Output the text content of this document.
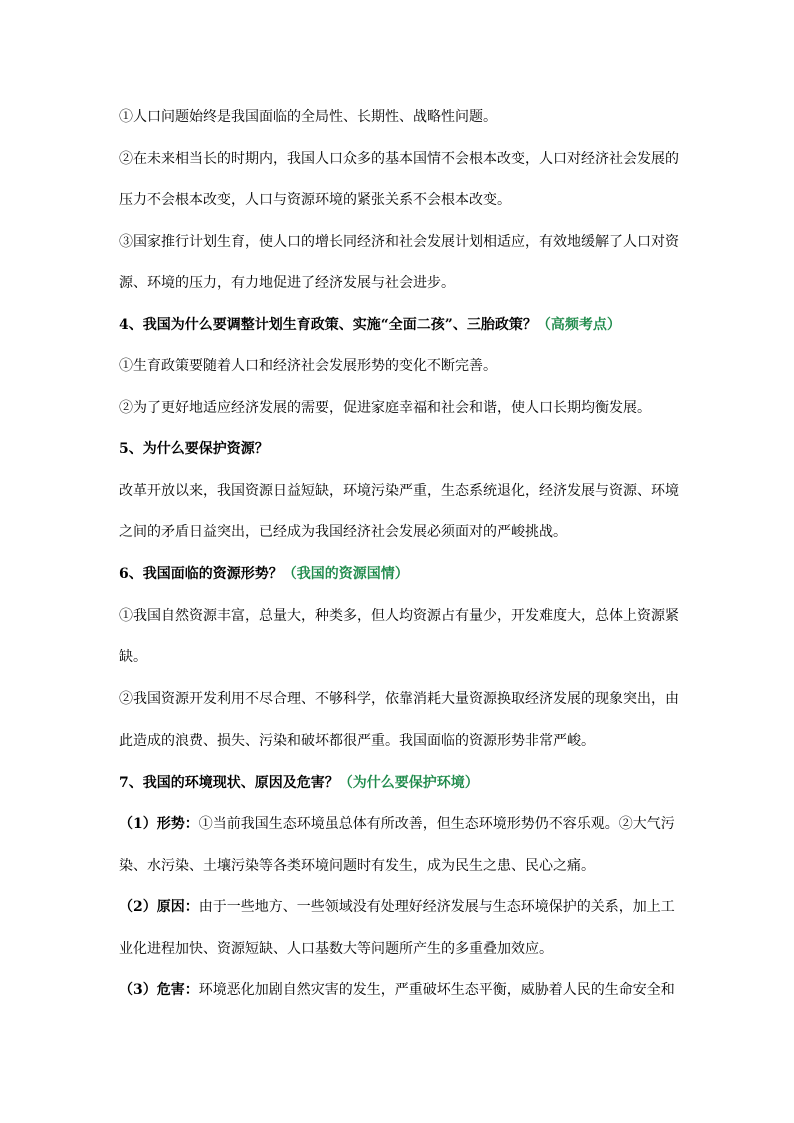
①人口问题始终是我国面临的全局性、长期性、战略性问题。
②在未来相当长的时期内，我国人口众多的基本国情不会根本改变，人口对经济社会发展的
压力不会根本改变，人口与资源环境的紧张关系不会根本改变。
③国家推行计划生育，使人口的增长同经济和社会发展计划相适应，有效地缓解了人口对资
源、环境的压力，有力地促进了经济发展与社会进步。
4、我国为什么要调整计划生育政策、实施“全面二孩”、三胎政策？（高频考点）
①生育政策要随着人口和经济社会发展形势的变化不断完善。
②为了更好地适应经济发展的需要，促进家庭幸福和社会和谐，使人口长期均衡发展。
5、为什么要保护资源？
改革开放以来，我国资源日益短缺，环境污染严重，生态系统退化，经济发展与资源、环境
之间的矛盾日益突出，已经成为我国经济社会发展必须面对的严峻挑战。
6、我国面临的资源形势？（我国的资源国情）
①我国自然资源丰富，总量大，种类多，但人均资源占有量少，开发难度大，总体上资源紧
缺。
②我国资源开发利用不尽合理、不够科学，依靠消耗大量资源换取经济发展的现象突出，由
此造成的浪费、损失、污染和破坏都很严重。我国面临的资源形势非常严峻。
7、我国的环境现状、原因及危害？（为什么要保护环境）
（1）形势：①当前我国生态环境虽总体有所改善，但生态环境形势仍不容乐观。②大气污
染、水污染、土壤污染等各类环境问题时有发生，成为民生之患、民心之痛。
（2）原因：由于一些地方、一些领域没有处理好经济发展与生态环境保护的关系，加上工
业化进程加快、资源短缺、人口基数大等问题所产生的多重叠加效应。
（3）危害：环境恶化加剧自然灾害的发生，严重破坏生态平衡，威胁着人民的生命安全和
